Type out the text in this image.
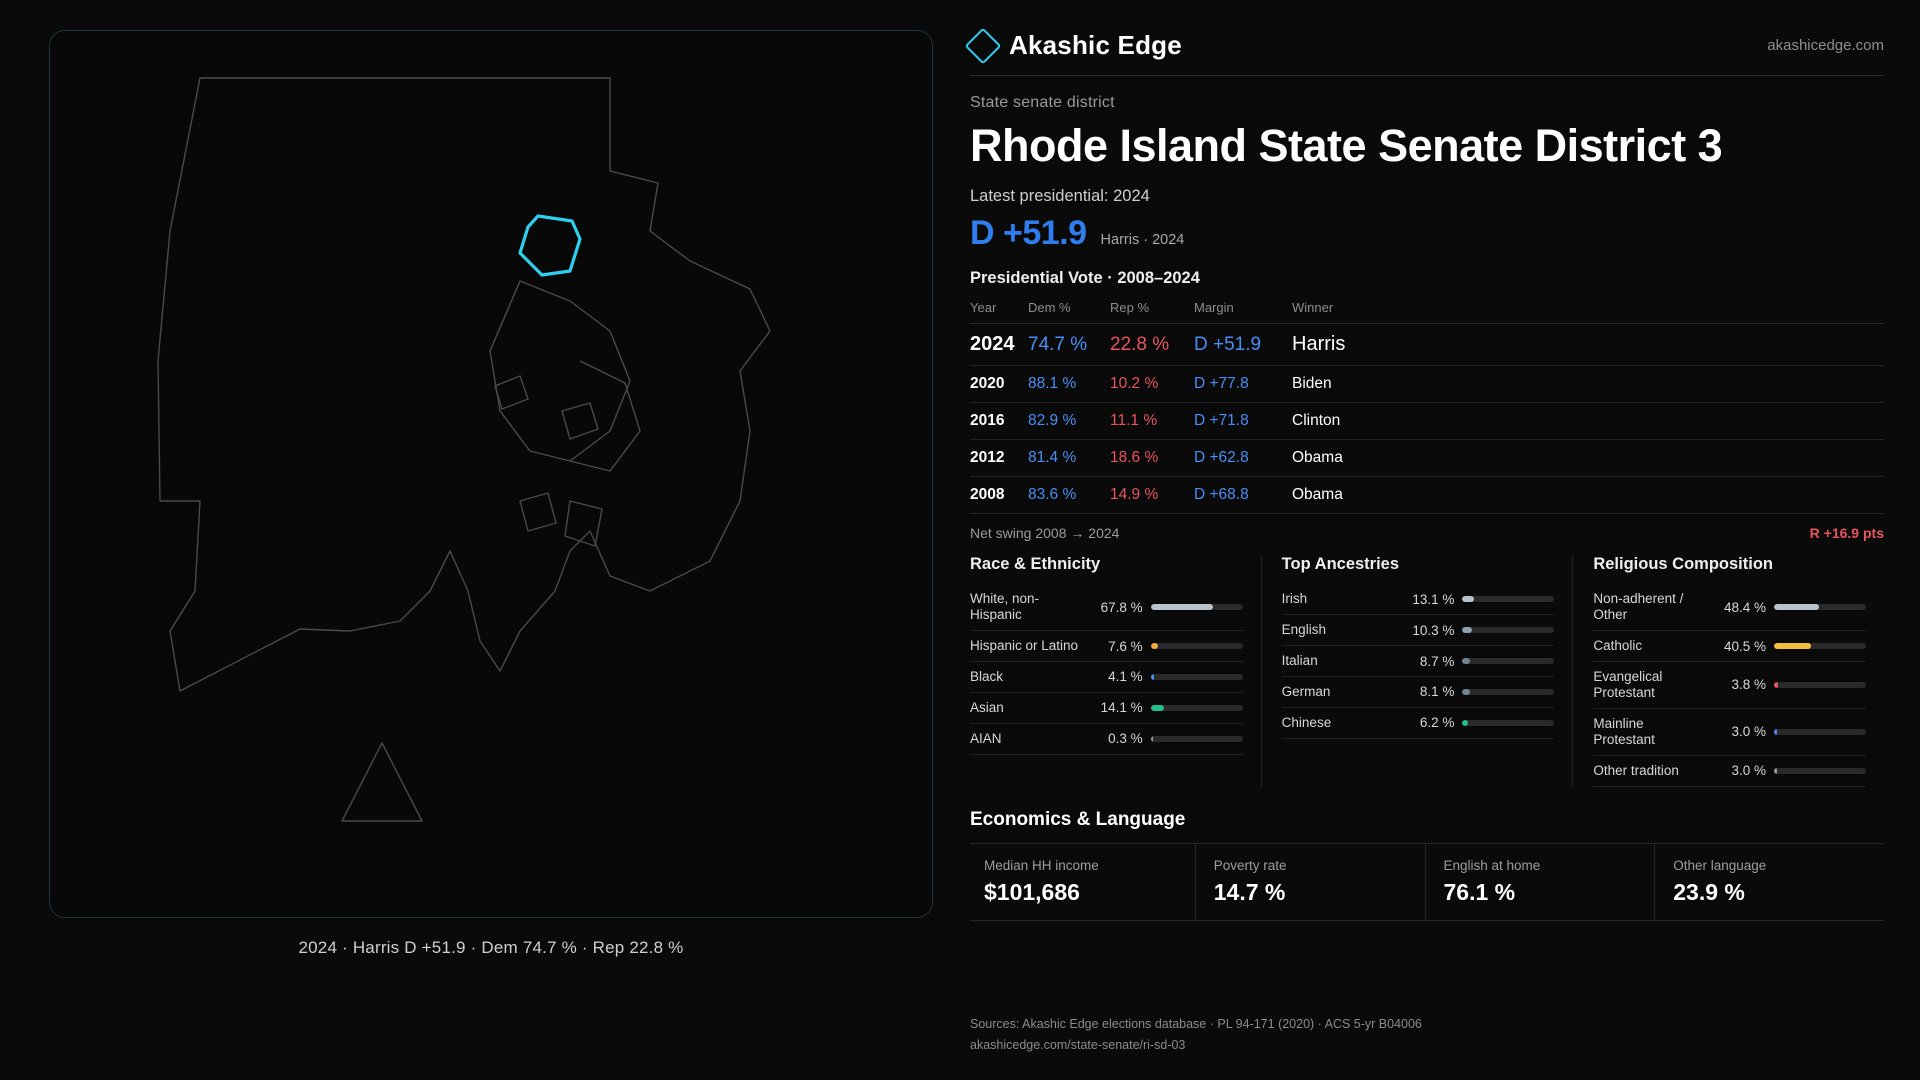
2024 · Harris D +51.9 · Dem 74.7 % · Rep 22.8 %
Akashic Edge	akashicedge.com
State senate district
Rhode Island State Senate District 3
Latest presidential: 2024
D +51.9 Harris · 2024
Presidential Vote · 2008–2024
Year	Dem %	Rep %	Margin	Winner
2024	74.7 %	22.8 %	D +51.9	Harris
2020	88.1 %	10.2 %	D +77.8	Biden
2016	82.9 %	11.1 %	D +71.8	Clinton
2012	81.4 %	18.6 %	D +62.8	Obama
2008	83.6 %	14.9 %	D +68.8	Obama
Net swing 2008 → 2024	R +16.9 pts
Race & Ethnicity
White, non-Hispanic	67.8 %
Hispanic or Latino	7.6 %
Black	4.1 %
Asian	14.1 %
AIAN	0.3 %
Top Ancestries
Irish	13.1 %
English	10.3 %
Italian	8.7 %
German	8.1 %
Chinese	6.2 %
Religious Composition
Non-adherent / Other	48.4 %
Catholic	40.5 %
Evangelical Protestant	3.8 %
Mainline Protestant	3.0 %
Other tradition	3.0 %
Economics & Language
Median HH income
$101,686
Poverty rate
14.7 %
English at home
76.1 %
Other language
23.9 %
Sources: Akashic Edge elections database · PL 94-171 (2020) · ACS 5-yr B04006
akashicedge.com/state-senate/ri-sd-03
